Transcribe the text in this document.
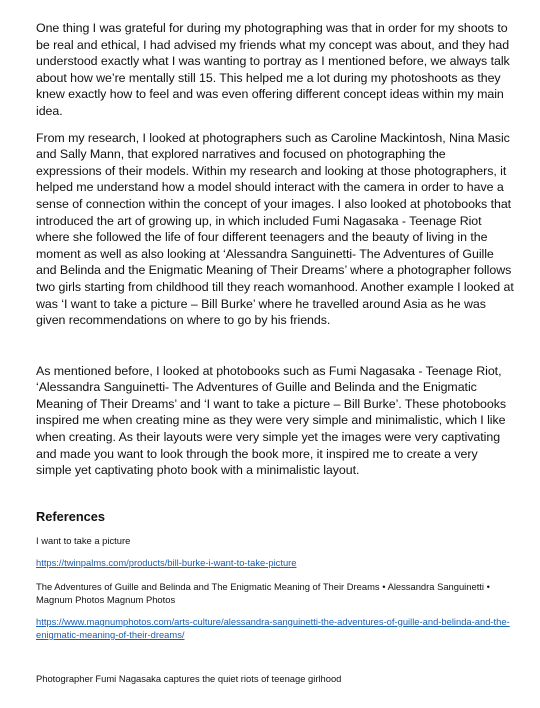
One thing I was grateful for during my photographing was that in order for my shoots to be real and ethical, I had advised my friends what my concept was about, and they had understood exactly what I was wanting to portray as I mentioned before, we always talk about how we’re mentally still 15. This helped me a lot during my photoshoots as they knew exactly how to feel and was even offering different concept ideas within my main idea.

From my research, I looked at photographers such as Caroline Mackintosh, Nina Masic and Sally Mann, that explored narratives and focused on photographing the expressions of their models. Within my research and looking at those photographers, it helped me understand how a model should interact with the camera in order to have a sense of connection within the concept of your images. I also looked at photobooks that introduced the art of growing up, in which included Fumi Nagasaka - Teenage Riot where she followed the life of four different teenagers and the beauty of living in the moment as well as also looking at ‘Alessandra Sanguinetti- The Adventures of Guille and Belinda and the Enigmatic Meaning of Their Dreams’ where a photographer follows two girls starting from childhood till they reach womanhood. Another example I looked at was ‘I want to take a picture – Bill Burke’ where he travelled around Asia as he was given recommendations on where to go by his friends.

As mentioned before, I looked at photobooks such as Fumi Nagasaka - Teenage Riot, ‘Alessandra Sanguinetti- The Adventures of Guille and Belinda and the Enigmatic Meaning of Their Dreams’ and ‘I want to take a picture – Bill Burke’. These photobooks inspired me when creating mine as they were very simple and minimalistic, which I like when creating. As their layouts were very simple yet the images were very captivating and made you want to look through the book more, it inspired me to create a very simple yet captivating photo book with a minimalistic layout.

References

I want to take a picture

https://twinpalms.com/products/bill-burke-i-want-to-take-picture

The Adventures of Guille and Belinda and The Enigmatic Meaning of Their Dreams • Alessandra Sanguinetti • Magnum Photos Magnum Photos

https://www.magnumphotos.com/arts-culture/alessandra-sanguinetti-the-adventures-of-guille-and-belinda-and-the-enigmatic-meaning-of-their-dreams/

Photographer Fumi Nagasaka captures the quiet riots of teenage girlhood
